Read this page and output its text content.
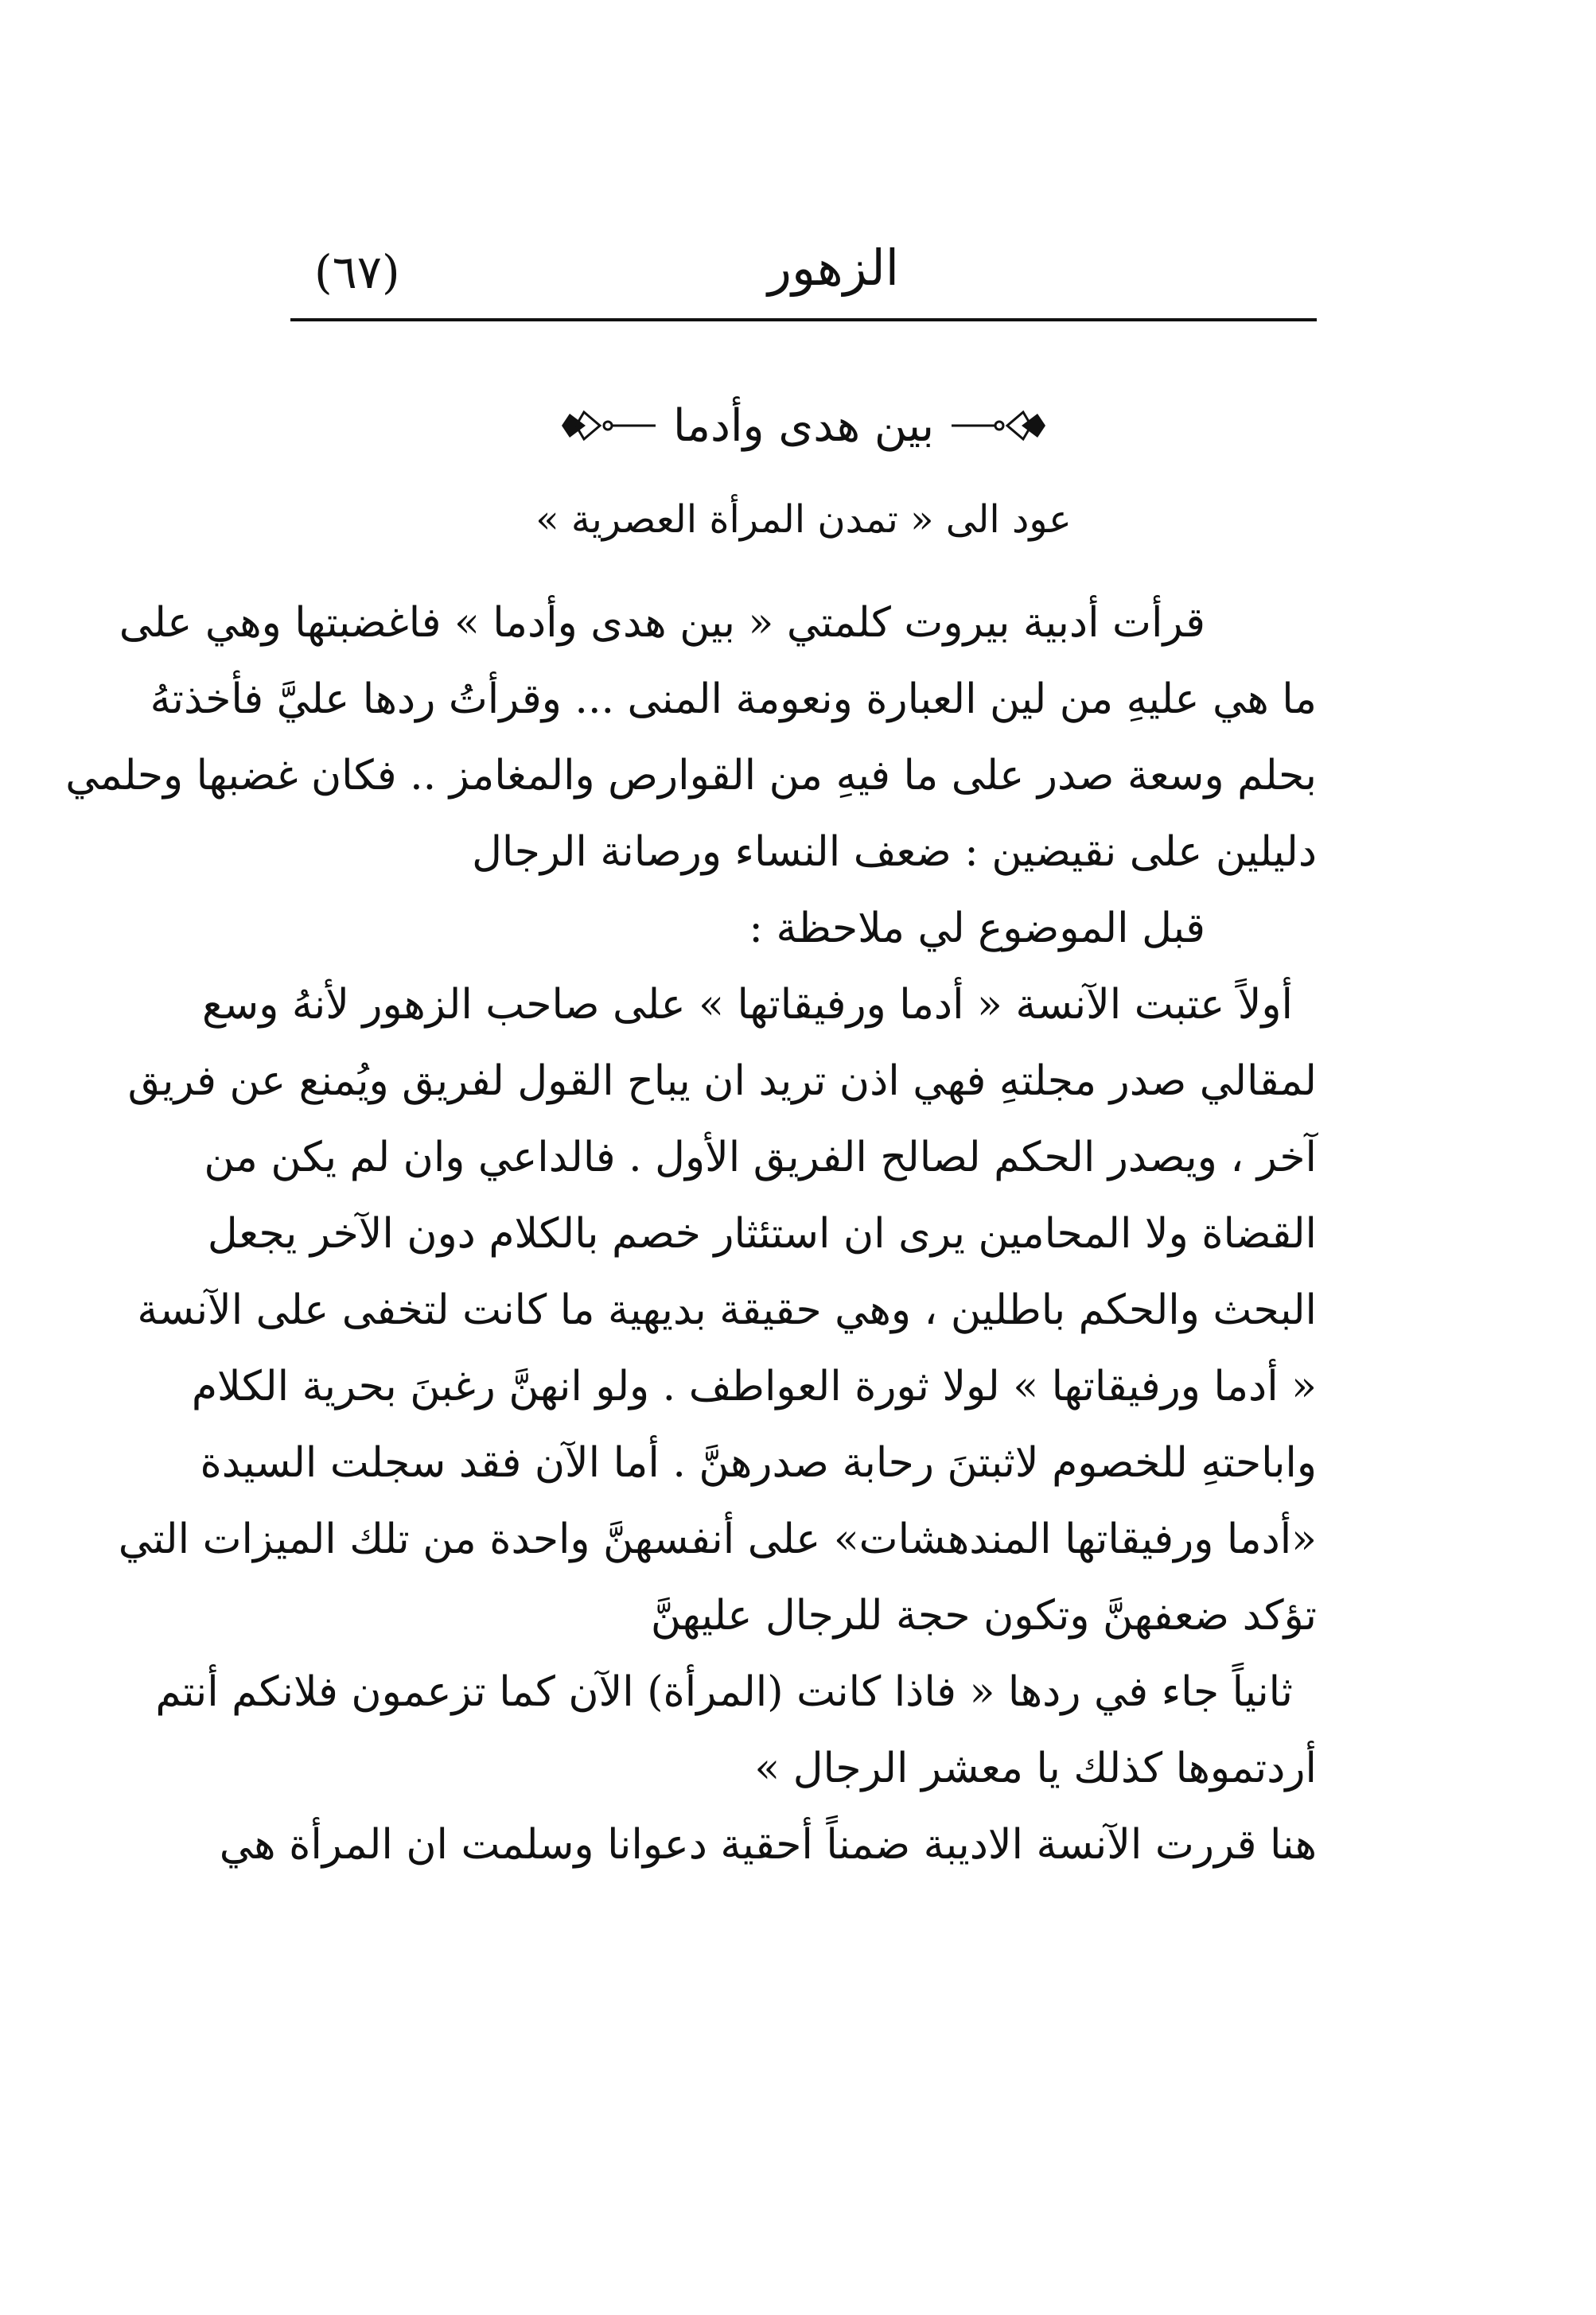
(٦٧)	الزهور
بين هدى وأدما
عود الى « تمدن المرأة العصرية »
قرأت أدبية بيروت كلمتي « بين هدى وأدما » فاغضبتها وهي على
ما هي عليهِ من لين العبارة ونعومة المنى ... وقرأتُ ردها عليَّ فأخذتهُ
بحلم وسعة صدر على ما فيهِ من القوارص والمغامز .. فكان غضبها وحلمي
دليلين على نقيضين : ضعف النساء ورصانة الرجال
قبل الموضوع لي ملاحظة :
أولاً عتبت الآنسة « أدما ورفيقاتها » على صاحب الزهور لأنهُ وسع
لمقالي صدر مجلتهِ فهي اذن تريد ان يباح القول لفريق ويُمنع عن فريق
آخر ، ويصدر الحكم لصالح الفريق الأول . فالداعي وان لم يكن من
القضاة ولا المحامين يرى ان استئثار خصم بالكلام دون الآخر يجعل
البحث والحكم باطلين ، وهي حقيقة بديهية ما كانت لتخفى على الآنسة
« أدما ورفيقاتها » لولا ثورة العواطف . ولو انهنَّ رغبنَ بحرية الكلام
واباحتهِ للخصوم لاثبتنَ رحابة صدرهنَّ . أما الآن فقد سجلت السيدة
«أدما ورفيقاتها المندهشات» على أنفسهنَّ واحدة من تلك الميزات التي
تؤكد ضعفهنَّ وتكون حجة للرجال عليهنَّ
ثانياً جاء في ردها « فاذا كانت (المرأة) الآن كما تزعمون فلانكم أنتم
أردتموها كذلك يا معشر الرجال »
هنا قررت الآنسة الاديبة ضمناً أحقية دعوانا وسلمت ان المرأة هي
